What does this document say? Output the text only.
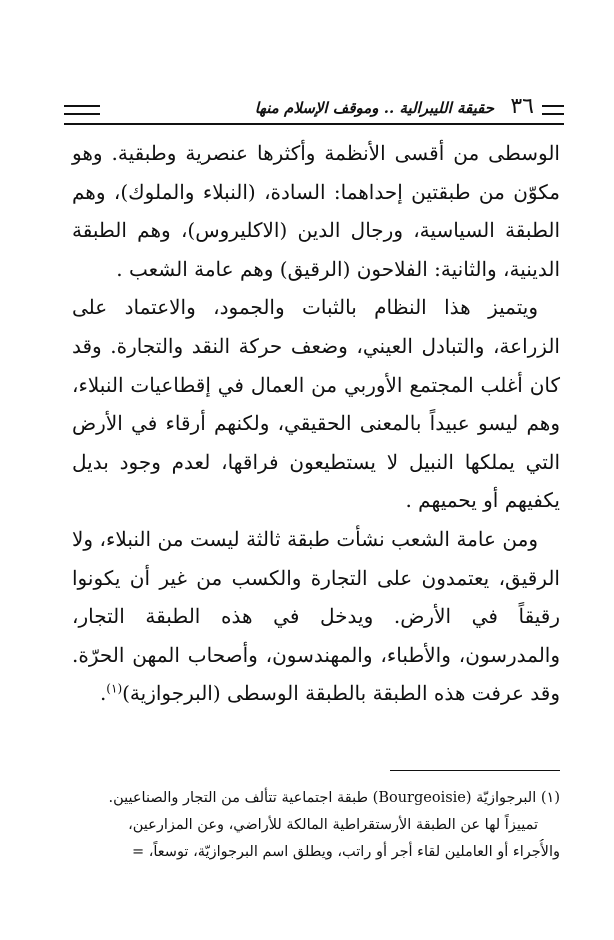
٣٦
حقيقة الليبرالية .. وموقف الإسلام منها

الوسطى من أقسى الأنظمة وأكثرها عنصرية وطبقية. وهو مكوّن من طبقتين إحداهما: السادة، (النبلاء والملوك)، وهم الطبقة السياسية، ورجال الدين (الاكليروس)، وهم الطبقة الدينية، والثانية: الفلاحون (الرقيق) وهم عامة الشعب .

ويتميز هذا النظام بالثبات والجمود، والاعتماد على الزراعة، والتبادل العيني، وضعف حركة النقد والتجارة. وقد كان أغلب المجتمع الأوربي من العمال في إقطاعيات النبلاء، وهم ليسو عبيداً بالمعنى الحقيقي، ولكنهم أرقاء في الأرض التي يملكها النبيل لا يستطيعون فراقها، لعدم وجود بديل يكفيهم أو يحميهم .

ومن عامة الشعب نشأت طبقة ثالثة ليست من النبلاء، ولا الرقيق، يعتمدون على التجارة والكسب من غير أن يكونوا رقيقاً في الأرض. ويدخل في هذه الطبقة التجار، والمدرسون، والأطباء، والمهندسون، وأصحاب المهن الحرّة. وقد عرفت هذه الطبقة بالطبقة الوسطى (البرجوازية)$^{(١)}$.

(١) البرجوازيّة (Bourgeoisie) طبقة اجتماعية تتألف من التجار والصناعيين.

تمييزاً لها عن الطبقة الأرستقراطية المالكة للأراضي، وعن المزارعين،

والأُجراء أو العاملين لقاء أجر أو راتب، ويطلق اسم البرجوازيّة، توسعاً، =
